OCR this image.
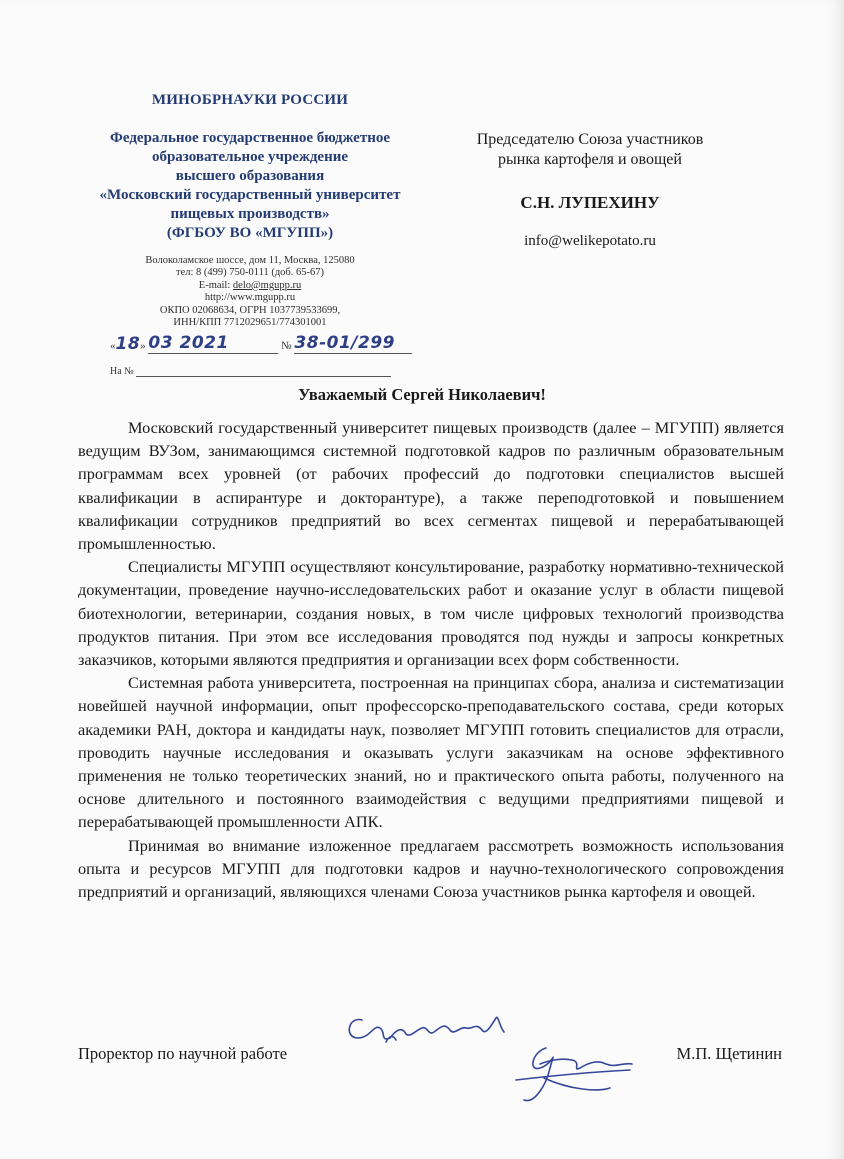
МИНОБРНАУКИ РОССИИ
Федеральное государственное бюджетное
образовательное учреждение
высшего образования
«Московский государственный университет
пищевых производств»
(ФГБОУ ВО «МГУПП»)
Волоколамское шоссе, дом 11, Москва, 125080
тел: 8 (499) 750-0111 (доб. 65-67)
E-mail: delo@mgupp.ru
http://www.mgupp.ru
ОКПО 02068634, ОГРН 1037739533699,
ИНН/КПП 7712029651/774301001
«18» 03 2021	№ 38-01/299
На №
Председателю Союза участников
рынка картофеля и овощей
С.Н. ЛУПЕХИНУ
info@welikepotato.ru
Уважаемый Сергей Николаевич!

Московский государственный университет пищевых производств (далее – МГУПП) является ведущим ВУЗом, занимающимся системной подготовкой кадров по различным образовательным программам всех уровней (от рабочих профессий до подготовки специалистов высшей квалификации в аспирантуре и докторантуре), а также переподготовкой и повышением квалификации сотрудников предприятий во всех сегментах пищевой и перерабатывающей промышленностью.

Специалисты МГУПП осуществляют консультирование, разработку нормативно-технической документации, проведение научно-исследовательских работ и оказание услуг в области пищевой биотехнологии, ветеринарии, создания новых, в том числе цифровых технологий производства продуктов питания. При этом все исследования проводятся под нужды и запросы конкретных заказчиков, которыми являются предприятия и организации всех форм собственности.

Системная работа университета, построенная на принципах сбора, анализа и систематизации новейшей научной информации, опыт профессорско-преподавательского состава, среди которых академики РАН, доктора и кандидаты наук, позволяет МГУПП готовить специалистов для отрасли, проводить научные исследования и оказывать услуги заказчикам на основе эффективного применения не только теоретических знаний, но и практического опыта работы, полученного на основе длительного и постоянного взаимодействия с ведущими предприятиями пищевой и перерабатывающей промышленности АПК.

Принимая во внимание изложенное предлагаем рассмотреть возможность использования опыта и ресурсов МГУПП для подготовки кадров и научно-технологического сопровождения предприятий и организаций, являющихся членами Союза участников рынка картофеля и овощей.

Проректор по научной работе	М.П. Щетинин
